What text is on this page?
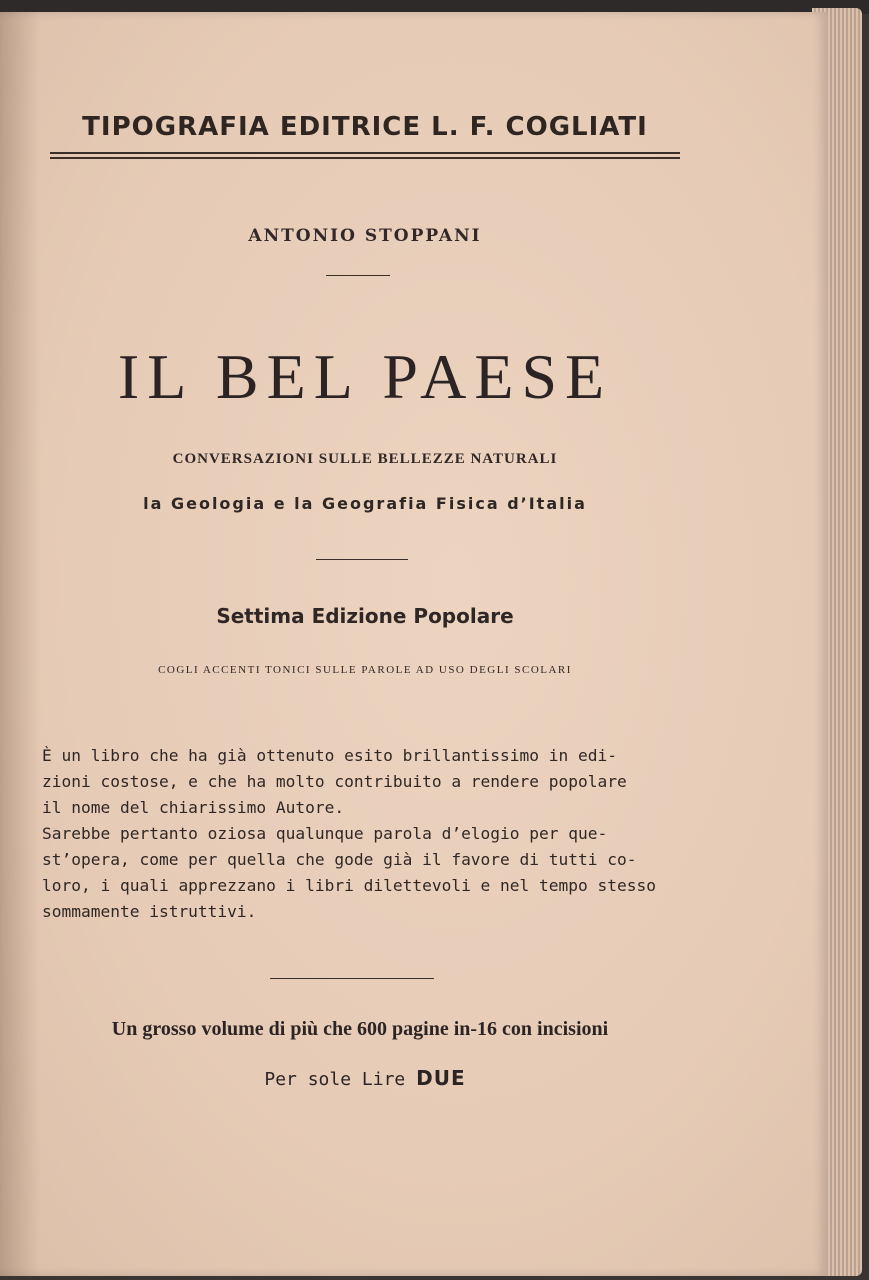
TIPOGRAFIA EDITRICE L. F. COGLIATI
ANTONIO STOPPANI
IL BEL PAESE
CONVERSAZIONI SULLE BELLEZZE NATURALI
la Geologia e la Geografia Fisica d’Italia
Settima Edizione Popolare
COGLI ACCENTI TONICI SULLE PAROLE AD USO DEGLI SCOLARI
È un libro che ha già ottenuto esito brillantissimo in edi-
zioni costose, e che ha molto contribuito a rendere popolare
il nome del chiarissimo Autore.
Sarebbe pertanto oziosa qualunque parola d’elogio per que-
st’opera, come per quella che gode già il favore di tutti co-
loro, i quali apprezzano i libri dilettevoli e nel tempo stesso
sommamente istruttivi.
Un grosso volume di più che 600 pagine in-16 con incisioni
Per sole Lire DUE
